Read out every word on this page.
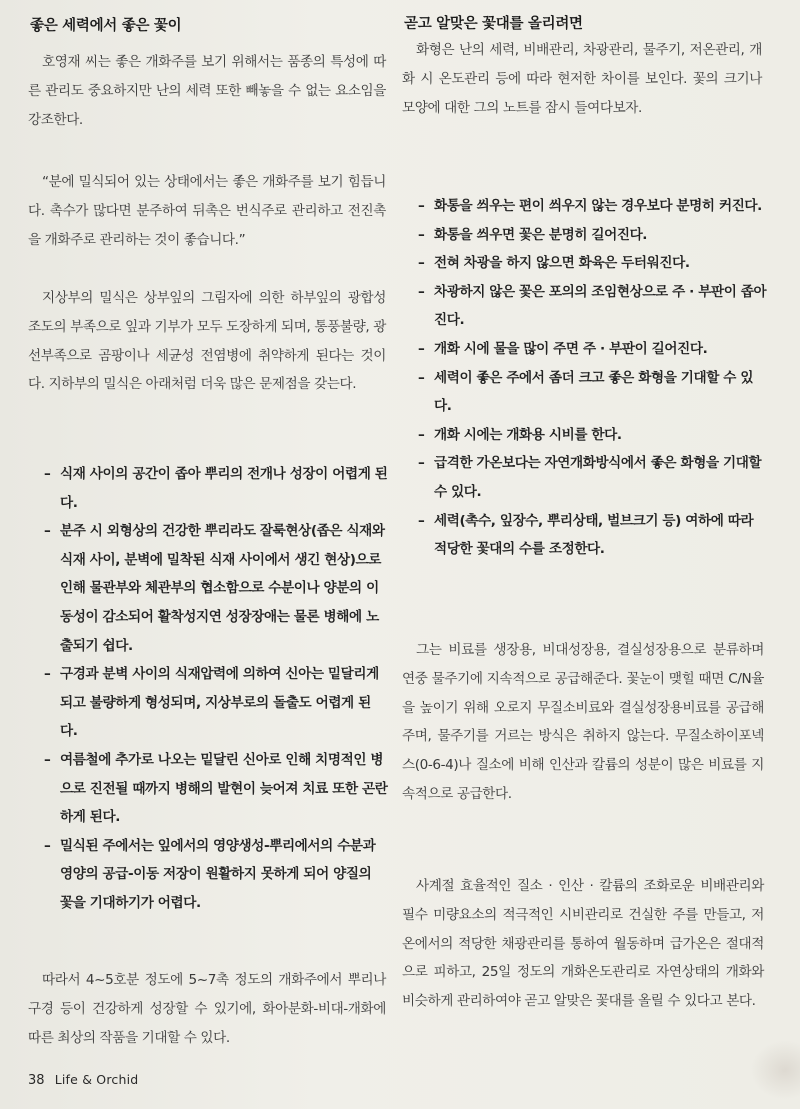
좋은 세력에서 좋은 꽃이

호영재 씨는 좋은 개화주를 보기 위해서는 품종의 특성에 따른 관리도 중요하지만 난의 세력 또한 빼놓을 수 없는 요소임을 강조한다.

“분에 밀식되어 있는 상태에서는 좋은 개화주를 보기 힘듭니다. 촉수가 많다면 분주하여 뒤촉은 번식주로 관리하고 전진촉을 개화주로 관리하는 것이 좋습니다.”

지상부의 밀식은 상부잎의 그림자에 의한 하부잎의 광합성 조도의 부족으로 잎과 기부가 모두 도장하게 되며, 통풍불량, 광선부족으로 곰팡이나 세균성 전염병에 취약하게 된다는 것이다. 지하부의 밀식은 아래처럼 더욱 많은 문제점을 갖는다.

– 식재 사이의 공간이 좁아 뿌리의 전개나 성장이 어렵게 된다.
– 분주 시 외형상의 건강한 뿌리라도 잘룩현상(좁은 식재와 식재 사이, 분벽에 밀착된 식재 사이에서 생긴 현상)으로 인해 물관부와 체관부의 협소함으로 수분이나 양분의 이동성이 감소되어 활착성지연 성장장애는 물론 병해에 노출되기 쉽다.
– 구경과 분벽 사이의 식재압력에 의하여 신아는 밑달리게 되고 불량하게 형성되며, 지상부로의 돌출도 어렵게 된다.
– 여름철에 추가로 나오는 밑달린 신아로 인해 치명적인 병으로 진전될 때까지 병해의 발현이 늦어져 치료 또한 곤란하게 된다.
– 밀식된 주에서는 잎에서의 영양생성-뿌리에서의 수분과 영양의 공급-이동 저장이 원활하지 못하게 되어 양질의 꽃을 기대하기가 어렵다.

따라서 4~5호분 정도에 5~7촉 정도의 개화주에서 뿌리나 구경 등이 건강하게 성장할 수 있기에, 화아분화-비대-개화에 따른 최상의 작품을 기대할 수 있다.

곧고 알맞은 꽃대를 올리려면

화형은 난의 세력, 비배관리, 차광관리, 물주기, 저온관리, 개화 시 온도관리 등에 따라 현저한 차이를 보인다. 꽃의 크기나 모양에 대한 그의 노트를 잠시 들여다보자.

– 화통을 씌우는 편이 씌우지 않는 경우보다 분명히 커진다.
– 화통을 씌우면 꽃은 분명히 길어진다.
– 전혀 차광을 하지 않으면 화육은 두터워진다.
– 차광하지 않은 꽃은 포의의 조임현상으로 주 · 부판이 좁아진다.
– 개화 시에 물을 많이 주면 주 · 부판이 길어진다.
– 세력이 좋은 주에서 좀더 크고 좋은 화형을 기대할 수 있다.
– 개화 시에는 개화용 시비를 한다.
– 급격한 가온보다는 자연개화방식에서 좋은 화형을 기대할 수 있다.
– 세력(촉수, 잎장수, 뿌리상태, 벌브크기 등) 여하에 따라 적당한 꽃대의 수를 조정한다.

그는 비료를 생장용, 비대성장용, 결실성장용으로 분류하며 연중 물주기에 지속적으로 공급해준다. 꽃눈이 맺힐 때면 C/N율을 높이기 위해 오로지 무질소비료와 결실성장용비료를 공급해주며, 물주기를 거르는 방식은 취하지 않는다. 무질소하이포넥스(0-6-4)나 질소에 비해 인산과 칼륨의 성분이 많은 비료를 지속적으로 공급한다.

사계절 효율적인 질소 · 인산 · 칼륨의 조화로운 비배관리와 필수 미량요소의 적극적인 시비관리로 건실한 주를 만들고, 저온에서의 적당한 채광관리를 통하여 월동하며 급가온은 절대적으로 피하고, 25일 정도의 개화온도관리로 자연상태의 개화와 비슷하게 관리하여야 곧고 알맞은 꽃대를 올릴 수 있다고 본다.

38 Life & Orchid
